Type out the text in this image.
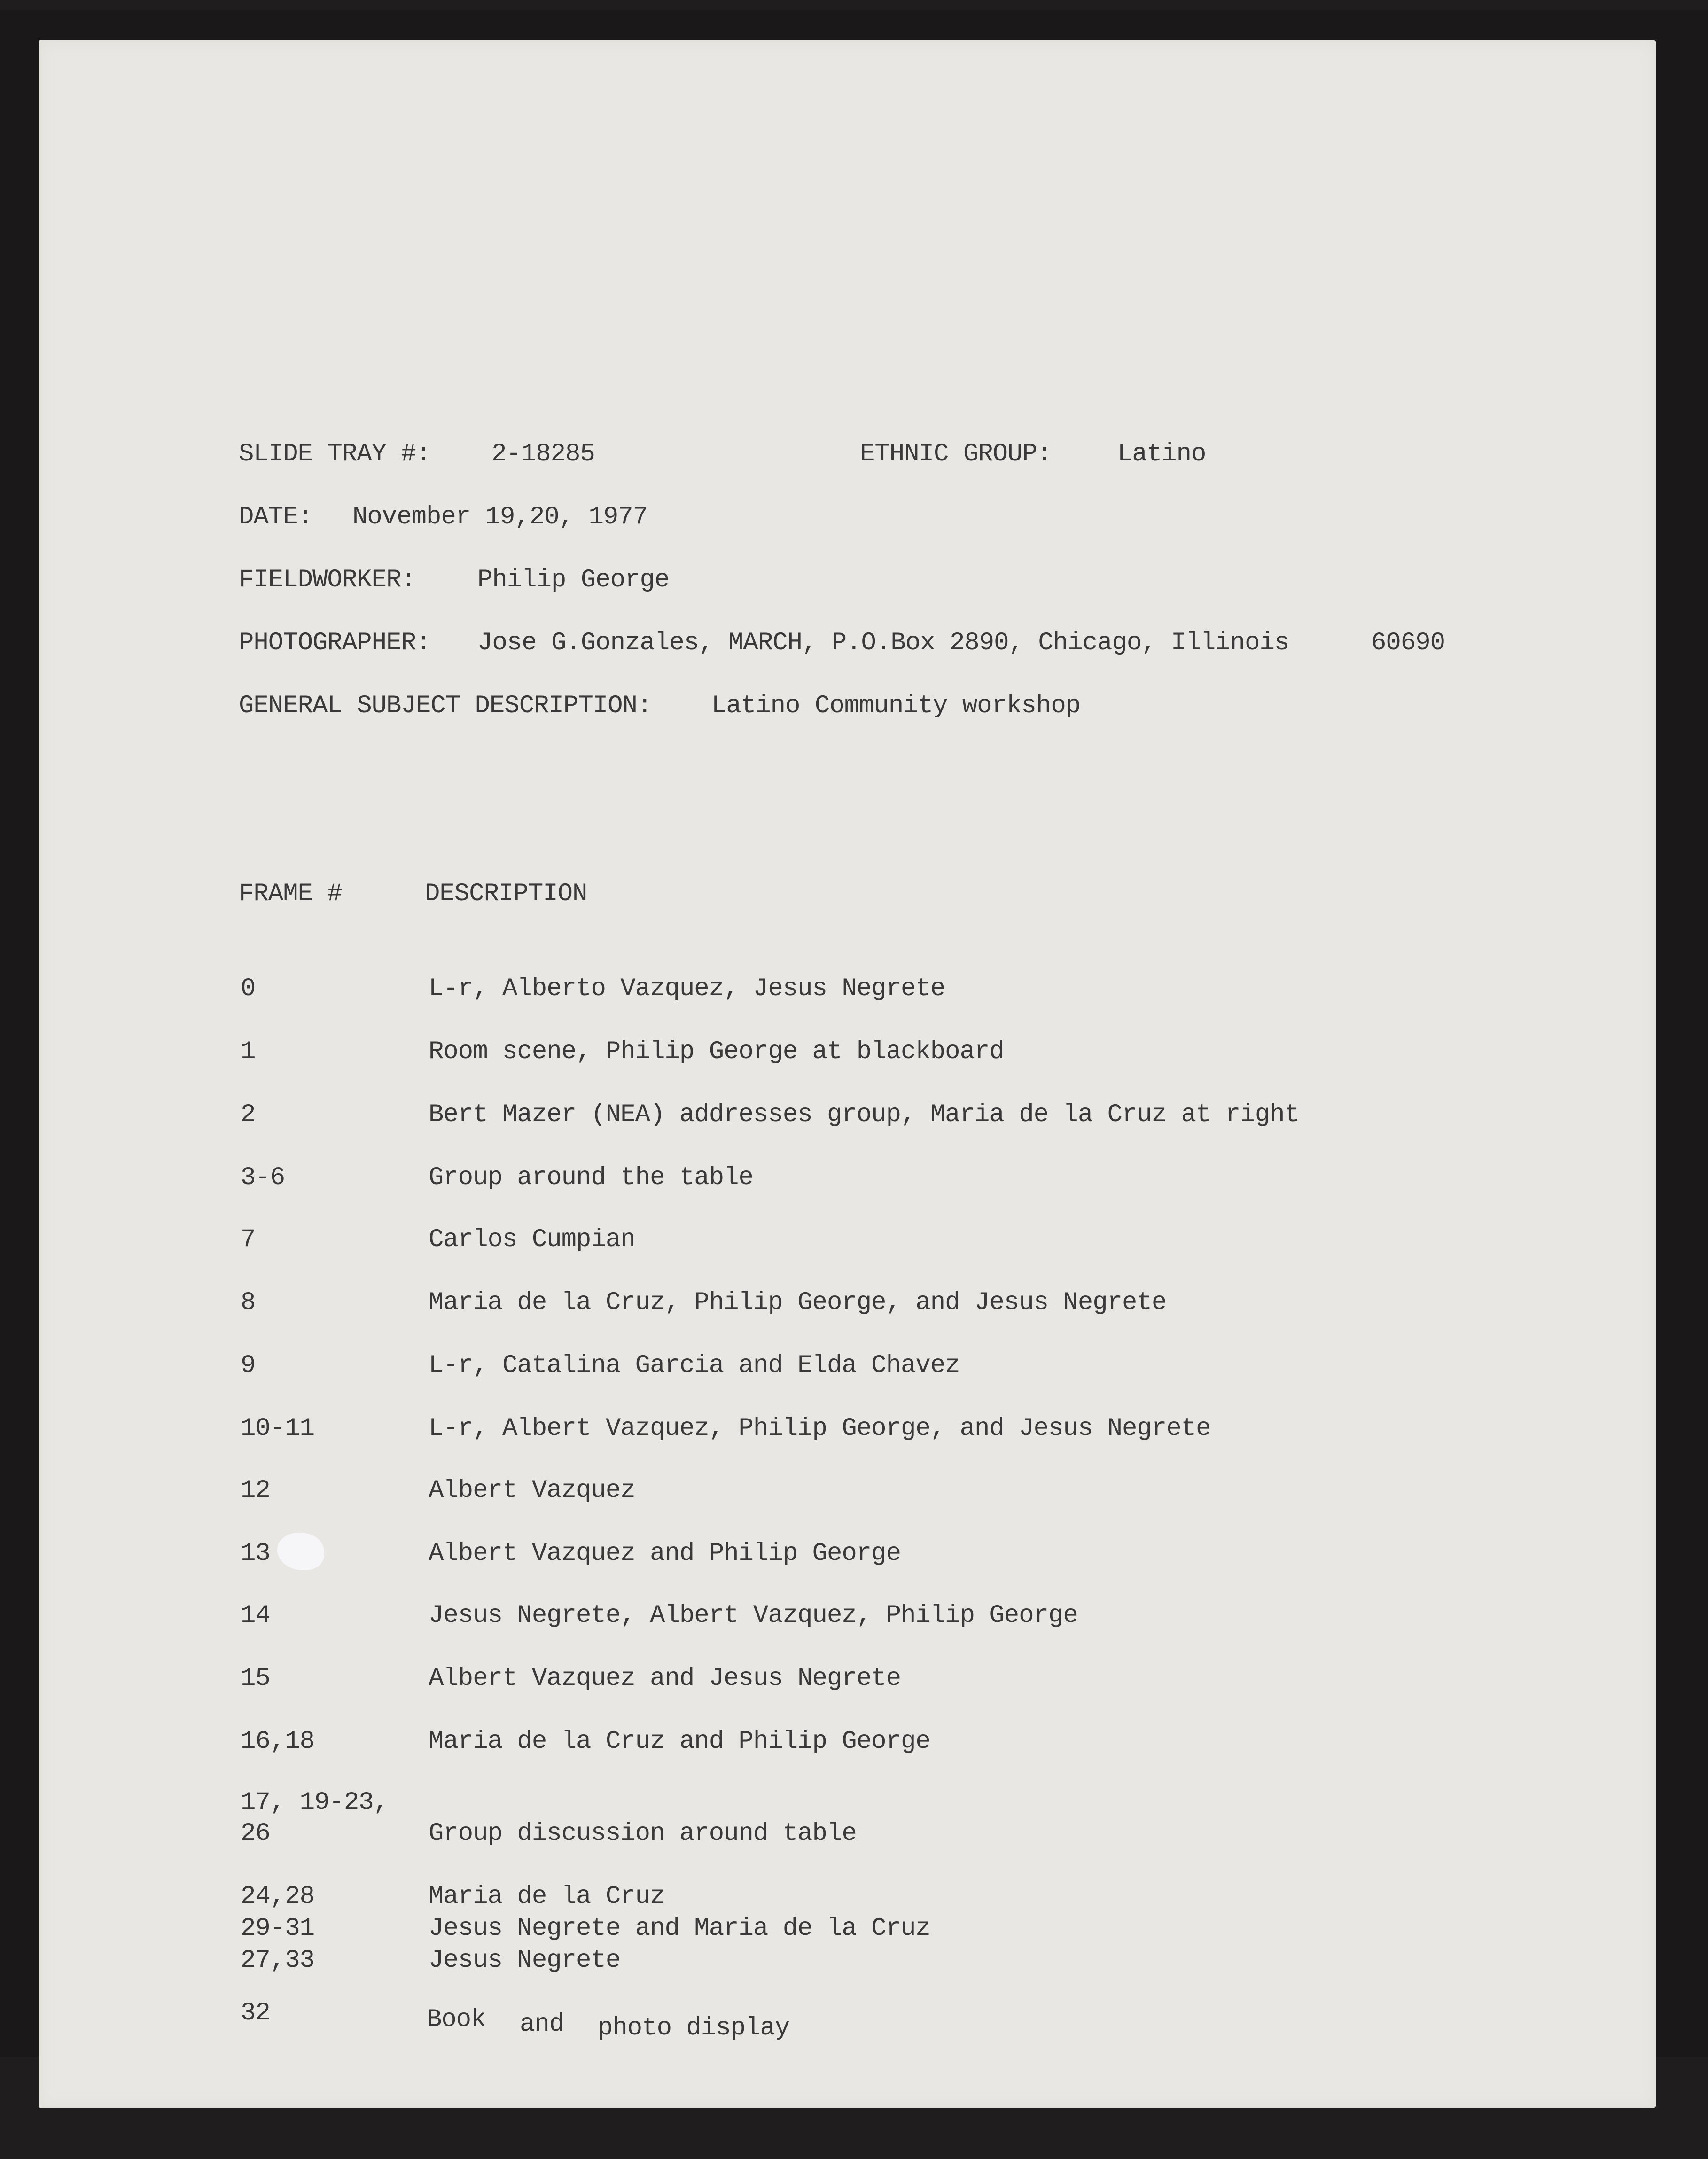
SLIDE TRAY #: 2-18285	ETHNIC GROUP:	Latino
DATE: November 19,20, 1977
FIELDWORKER: Philip George
PHOTOGRAPHER: Jose G.Gonzales, MARCH, P.O.Box 2890, Chicago, Illinois	60690
GENERAL SUBJECT DESCRIPTION: Latino Community workshop
FRAME #	DESCRIPTION
0	L-r, Alberto Vazquez, Jesus Negrete
1	Room scene, Philip George at blackboard
2	Bert Mazer (NEA) addresses group, Maria de la Cruz at right
3-6	Group around the table
7	Carlos Cumpian
8	Maria de la Cruz, Philip George, and Jesus Negrete
9	L-r, Catalina Garcia and Elda Chavez
10-11	L-r, Albert Vazquez, Philip George, and Jesus Negrete
12	Albert Vazquez
13	Albert Vazquez and Philip George
14	Jesus Negrete, Albert Vazquez, Philip George
15	Albert Vazquez and Jesus Negrete
16,18	Maria de la Cruz and Philip George
17, 19-23,
26	Group discussion around table
24,28	Maria de la Cruz
29-31	Jesus Negrete and Maria de la Cruz
27,33	Jesus Negrete
32	Book and photo display
